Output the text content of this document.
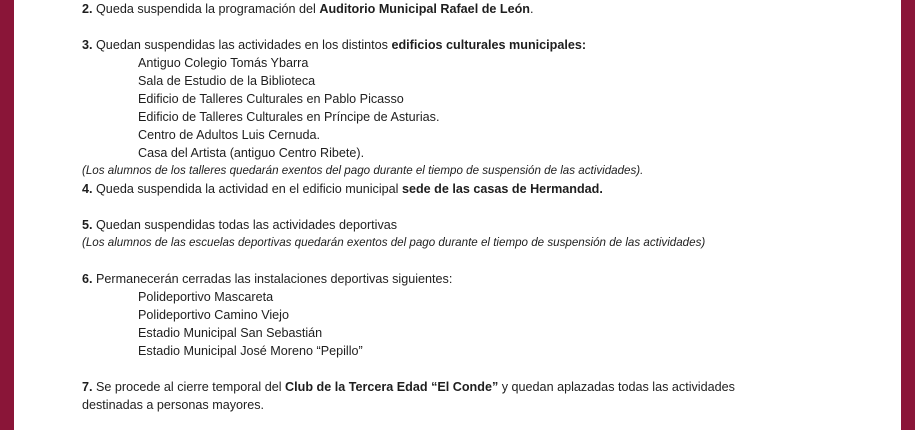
2. Queda suspendida la programación del Auditorio Municipal Rafael de León.
3. Quedan suspendidas las actividades en los distintos edificios culturales municipales:
Antiguo Colegio Tomás Ybarra
Sala de Estudio de la Biblioteca
Edificio de Talleres Culturales en Pablo Picasso
Edificio de Talleres Culturales en Príncipe de Asturias.
Centro de Adultos Luis Cernuda.
Casa del Artista (antiguo Centro Ribete).
(Los alumnos de los talleres quedarán exentos del pago durante el tiempo de suspensión de las actividades).
4. Queda suspendida la actividad en el edificio municipal sede de las casas de Hermandad.
5. Quedan suspendidas todas las actividades deportivas
(Los alumnos de las escuelas deportivas quedarán exentos del pago durante el tiempo de suspensión de las actividades)
6. Permanecerán cerradas las instalaciones deportivas siguientes:
Polideportivo Mascareta
Polideportivo Camino Viejo
Estadio Municipal San Sebastián
Estadio Municipal José Moreno “Pepillo”
7. Se procede al cierre temporal del Club de la Tercera Edad “El Conde” y quedan aplazadas todas las actividades
destinadas a personas mayores.
